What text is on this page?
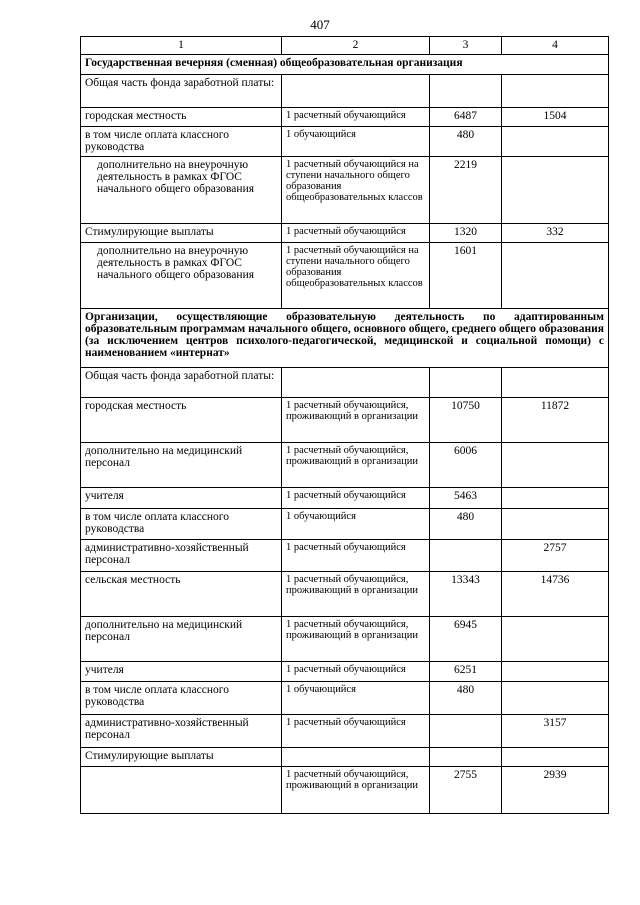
407
1	2	3	4
Государственная вечерняя (сменная) общеобразовательная организация			
Общая часть фонда заработной платы:			
городская местность	1 расчетный обучающийся	6487	1504
в том числе оплата классного руководства	1 обучающийся	480	
дополнительно на внеурочную деятельность в рамках ФГОС начального общего образования	1 расчетный обучающийся на ступени начального общего образования общеобразовательных классов	2219	
Стимулирующие выплаты	1 расчетный обучающийся	1320	332
дополнительно на внеурочную деятельность в рамках ФГОС начального общего образования	1 расчетный обучающийся на ступени начального общего образования общеобразовательных классов	1601	
Организации, осуществляющие образовательную деятельность по адаптированным образовательным программам начального общего, основного общего, среднего общего образования (за исключением центров психолого-педагогической, медицинской и социальной помощи) с наименованием «интернат»			
Общая часть фонда заработной платы:			
городская местность	1 расчетный обучающийся, проживающий в организации	10750	11872
дополнительно на медицинский персонал	1 расчетный обучающийся, проживающий в организации	6006	
учителя	1 расчетный обучающийся	5463	
в том числе оплата классного руководства	1 обучающийся	480	
административно-хозяйственный персонал	1 расчетный обучающийся		2757
сельская местность	1 расчетный обучающийся, проживающий в организации	13343	14736
дополнительно на медицинский персонал	1 расчетный обучающийся, проживающий в организации	6945	
учителя	1 расчетный обучающийся	6251	
в том числе оплата классного руководства	1 обучающийся	480	
административно-хозяйственный персонал	1 расчетный обучающийся		3157
Стимулирующие выплаты			
	1 расчетный обучающийся, проживающий в организации	2755	2939
